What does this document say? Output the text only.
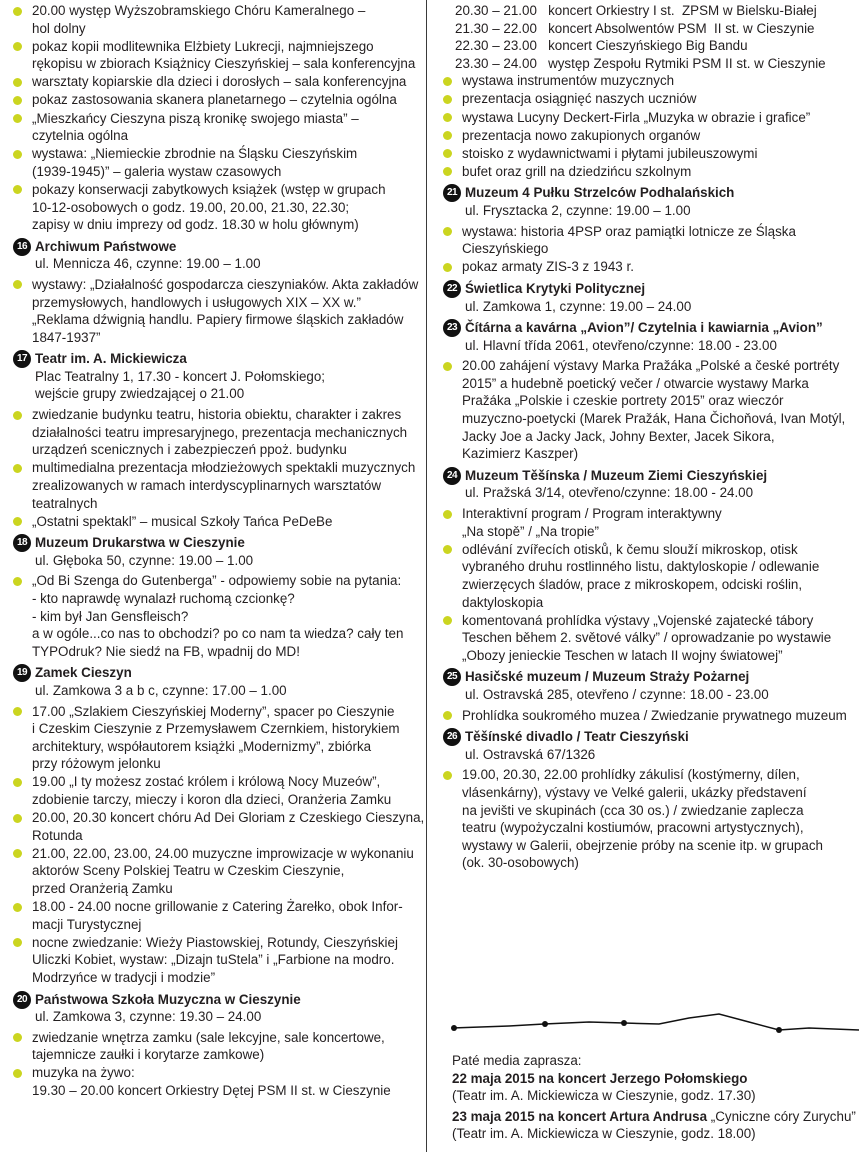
20.00 występ Wyższobramskiego Chóru Kameralnego –
hol dolny
pokaz kopii modlitewnika Elżbiety Lukrecji, najmniejszego
rękopisu w zbiorach Książnicy Cieszyńskiej – sala konferencyjna
warsztaty kopiarskie dla dzieci i dorosłych – sala konferencyjna
pokaz zastosowania skanera planetarnego – czytelnia ogólna
„Mieszkańcy Cieszyna piszą kronikę swojego miasta” –
czytelnia ogólna
wystawa: „Niemieckie zbrodnie na Śląsku Cieszyńskim
(1939-1945)” – galeria wystaw czasowych
pokazy konserwacji zabytkowych książek (wstęp w grupach
10-12-osobowych o godz. 19.00, 20.00, 21.30, 22.30;
zapisy w dniu imprezy od godz. 18.30 w holu głównym)
16 Archiwum Państwowe
ul. Mennicza 46, czynne: 19.00 – 1.00
wystawy: „Działalność gospodarcza cieszyniaków. Akta zakładów
przemysłowych, handlowych i usługowych XIX – XX w.”
„Reklama dźwignią handlu. Papiery firmowe śląskich zakładów
1847-1937”
17 Teatr im. A. Mickiewicza
Plac Teatralny 1, 17.30 - koncert J. Połomskiego;
wejście grupy zwiedzającej o 21.00
zwiedzanie budynku teatru, historia obiektu, charakter i zakres
działalności teatru impresaryjnego, prezentacja mechanicznych
urządzeń scenicznych i zabezpieczeń ppoż. budynku
multimedialna prezentacja młodzieżowych spektakli muzycznych
zrealizowanych w ramach interdyscyplinarnych warsztatów
teatralnych
„Ostatni spektakl” – musical Szkoły Tańca PeDeBe
18 Muzeum Drukarstwa w Cieszynie
ul. Głęboka 50, czynne: 19.00 – 1.00
„Od Bi Szenga do Gutenberga” - odpowiemy sobie na pytania:
- kto naprawdę wynalazł ruchomą czcionkę?
- kim był Jan Gensfleisch?
a w ogóle...co nas to obchodzi? po co nam ta wiedza? cały ten
TYPOdruk? Nie siedź na FB, wpadnij do MD!
19 Zamek Cieszyn
ul. Zamkowa 3 a b c, czynne: 17.00 – 1.00
17.00 „Szlakiem Cieszyńskiej Moderny”, spacer po Cieszynie
i Czeskim Cieszynie z Przemysławem Czernkiem, historykiem
architektury, współautorem książki „Modernizmy”, zbiórka
przy różowym jelonku
19.00 „I ty możesz zostać królem i królową Nocy Muzeów”,
zdobienie tarczy, mieczy i koron dla dzieci, Oranżeria Zamku
20.00, 20.30 koncert chóru Ad Dei Gloriam z Czeskiego Cieszyna,
Rotunda
21.00, 22.00, 23.00, 24.00 muzyczne improwizacje w wykonaniu
aktorów Sceny Polskiej Teatru w Czeskim Cieszynie,
przed Oranżerią Zamku
18.00 - 24.00 nocne grillowanie z Catering Żarełko, obok Infor-
macji Turystycznej
nocne zwiedzanie: Wieży Piastowskiej, Rotundy, Cieszyńskiej
Uliczki Kobiet, wystaw: „Dizajn tuStela” i „Farbione na modro.
Modrzyńce w tradycji i modzie”
20 Państwowa Szkoła Muzyczna w Cieszynie
ul. Zamkowa 3, czynne: 19.30 – 24.00
zwiedzanie wnętrza zamku (sale lekcyjne, sale koncertowe,
tajemnicze zaułki i korytarze zamkowe)
muzyka na żywo:
19.30 – 20.00 koncert Orkiestry Dętej PSM II st. w Cieszynie
20.30 – 21.00   koncert Orkiestry I st.  ZPSM w Bielsku-Białej
21.30 – 22.00   koncert Absolwentów PSM  II st. w Cieszynie
22.30 – 23.00   koncert Cieszyńskiego Big Bandu
23.30 – 24.00   występ Zespołu Rytmiki PSM II st. w Cieszynie
wystawa instrumentów muzycznych
prezentacja osiągnięć naszych uczniów
wystawa Lucyny Deckert-Firla „Muzyka w obrazie i grafice”
prezentacja nowo zakupionych organów
stoisko z wydawnictwami i płytami jubileuszowymi
bufet oraz grill na dziedzińcu szkolnym
21 Muzeum 4 Pułku Strzelców Podhalańskich
ul. Frysztacka 2, czynne: 19.00 – 1.00
wystawa: historia 4PSP oraz pamiątki lotnicze ze Śląska
Cieszyńskiego
pokaz armaty ZIS-3 z 1943 r.
22 Świetlica Krytyki Politycznej
ul. Zamkowa 1, czynne: 19.00 – 24.00
23 Čítárna a kavárna „Avion”/ Czytelnia i kawiarnia „Avion”
ul. Hlavní třída 2061, otevřeno/czynne: 18.00 - 23.00
20.00 zahájení výstavy Marka Pražáka „Polské a české portréty
2015” a hudebně poetický večer / otwarcie wystawy Marka
Pražáka „Polskie i czeskie portrety 2015” oraz wieczór
muzyczno-poetycki (Marek Pražák, Hana Čichoňová, Ivan Motýl,
Jacky Joe a Jacky Jack, Johny Bexter, Jacek Sikora,
Kazimierz Kaszper)
24 Muzeum Těšínska / Muzeum Ziemi Cieszyńskiej
ul. Pražská 3/14, otevřeno/czynne: 18.00 - 24.00
Interaktivní program / Program interaktywny
„Na stopě” / „Na tropie”
odlévání zvířecích otisků, k čemu slouží mikroskop, otisk
vybraného druhu rostlinného listu, daktyloskopie / odlewanie
zwierzęcych śladów, prace z mikroskopem, odciski roślin,
daktyloskopia
komentovaná prohlídka výstavy „Vojenské zajatecké tábory
Teschen během 2. světové války” / oprowadzanie po wystawie
„Obozy jenieckie Teschen w latach II wojny światowej”
25 Hasičské muzeum / Muzeum Straży Pożarnej
ul. Ostravská 285, otevřeno / czynne: 18.00 - 23.00
Prohlídka soukromého muzea / Zwiedzanie prywatnego muzeum
26 Těšínské divadlo / Teatr Cieszyński
ul. Ostravská 67/1326
19.00, 20.30, 22.00 prohlídky zákulisí (kostýmerny, dílen,
vlásenkárny), výstavy ve Velké galerii, ukázky představení
na jevišti ve skupinách (cca 30 os.) / zwiedzanie zaplecza
teatru (wypożyczalni kostiumów, pracowni artystycznych),
wystawy w Galerii, obejrzenie próby na scenie itp. w grupach
(ok. 30-osobowych)
Paté media zaprasza:
22 maja 2015 na koncert Jerzego Połomskiego
(Teatr im. A. Mickiewicza w Cieszynie, godz. 17.30)
23 maja 2015 na koncert Artura Andrusa „Cyniczne córy Zurychu”
(Teatr im. A. Mickiewicza w Cieszynie, godz. 18.00)
